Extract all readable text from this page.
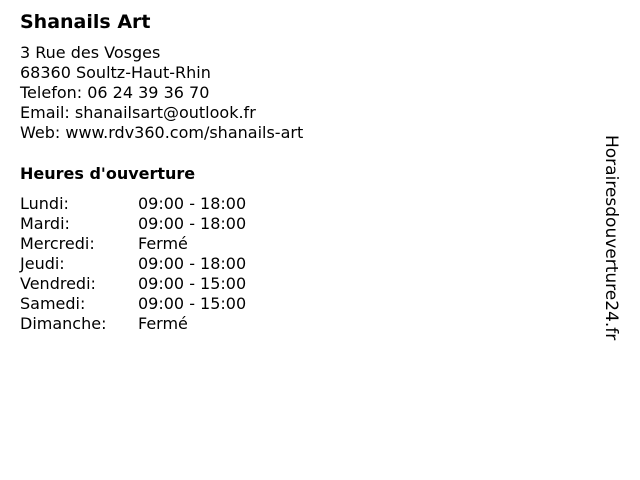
Shanails Art
3 Rue des Vosges
68360 Soultz-Haut-Rhin
Telefon: 06 24 39 36 70
Email: shanailsart@outlook.fr
Web: www.rdv360.com/shanails-art
Heures d'ouverture
Lundi:	09:00 - 18:00
Mardi:	09:00 - 18:00
Mercredi:	Fermé
Jeudi:	09:00 - 18:00
Vendredi:	09:00 - 15:00
Samedi:	09:00 - 15:00
Dimanche:	Fermé	Horairesdouverture24.fr
